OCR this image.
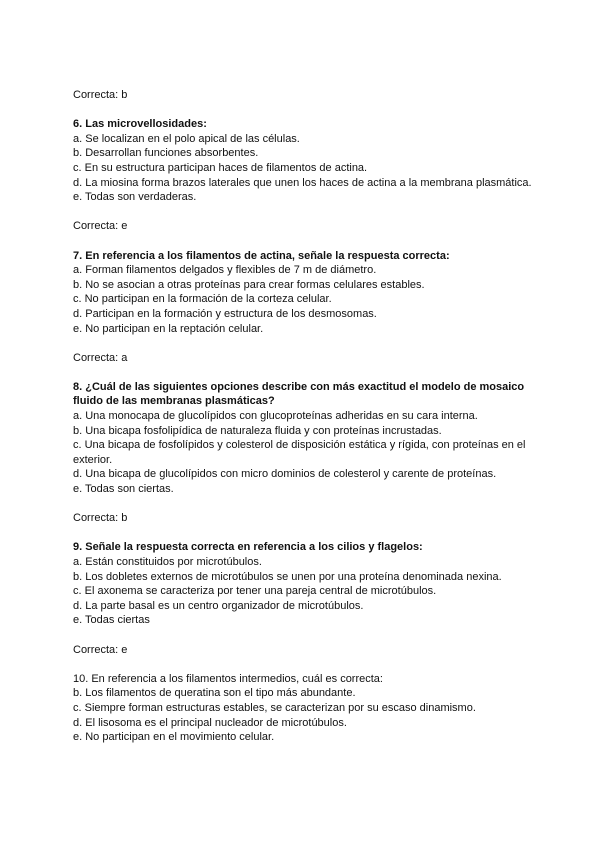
Correcta: b
6. Las microvellosidades:
a. Se localizan en el polo apical de las células.
b. Desarrollan funciones absorbentes.
c. En su estructura participan haces de filamentos de actina.
d. La miosina forma brazos laterales que unen los haces de actina a la membrana plasmática.
e. Todas son verdaderas.
Correcta: e
7. En referencia a los filamentos de actina, señale la respuesta correcta:
a. Forman filamentos delgados y flexibles de 7 m de diámetro.
b. No se asocian a otras proteínas para crear formas celulares estables.
c. No participan en la formación de la corteza celular.
d. Participan en la formación y estructura de los desmosomas.
e. No participan en la reptación celular.
Correcta: a
8. ¿Cuál de las siguientes opciones describe con más exactitud el modelo de mosaico fluido de las membranas plasmáticas?
a. Una monocapa de glucolípidos con glucoproteínas adheridas en su cara interna.
b. Una bicapa fosfolipídica de naturaleza fluida y con proteínas incrustadas.
c. Una bicapa de fosfolípidos y colesterol de disposición estática y rígida, con proteínas en el exterior.
d. Una bicapa de glucolípidos con micro dominios de colesterol y carente de proteínas.
e. Todas son ciertas.
Correcta: b
9. Señale la respuesta correcta en referencia a los cilios y flagelos:
a. Están constituidos por microtúbulos.
b. Los dobletes externos de microtúbulos se unen por una proteína denominada nexina.
c. El axonema se caracteriza por tener una pareja central de microtúbulos.
d. La parte basal es un centro organizador de microtúbulos.
e. Todas ciertas
Correcta: e
10. En referencia a los filamentos intermedios, cuál es correcta:
b. Los filamentos de queratina son el tipo más abundante.
c. Siempre forman estructuras estables, se caracterizan por su escaso dinamismo.
d. El lisosoma es el principal nucleador de microtúbulos.
e. No participan en el movimiento celular.
